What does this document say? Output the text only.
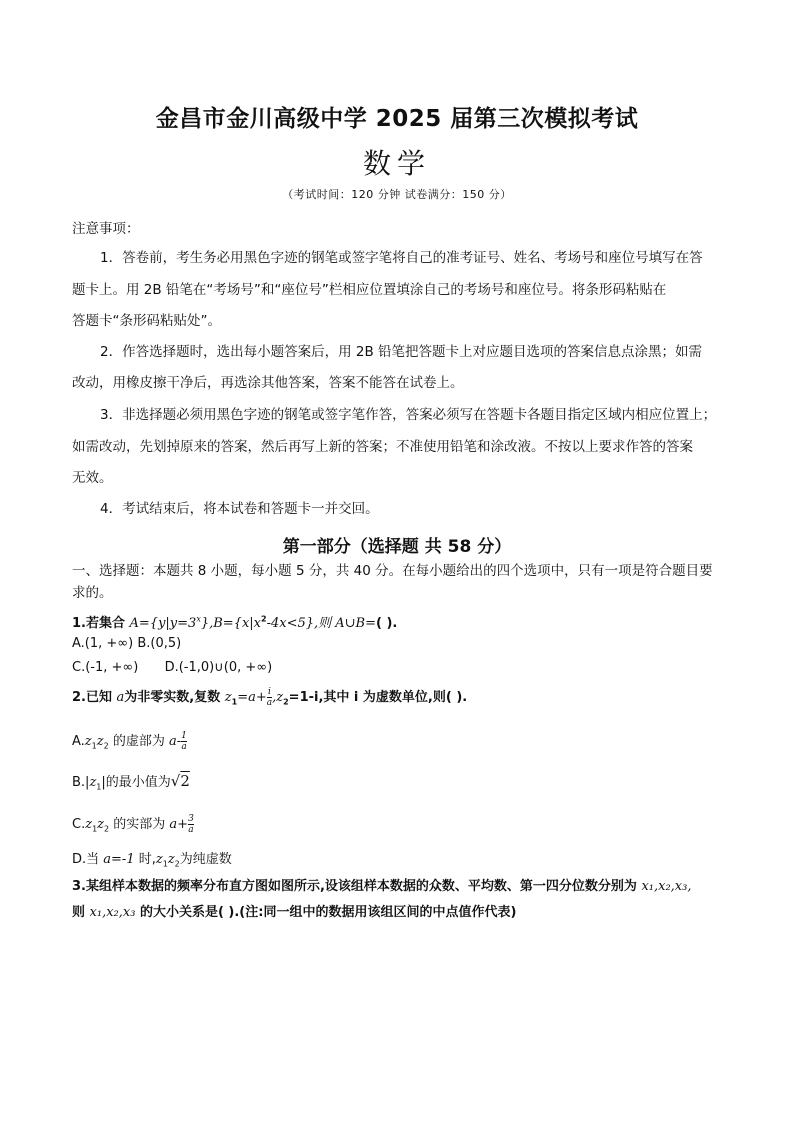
金昌市金川高级中学 2025 届第三次模拟考试
数学
（考试时间：120 分钟 试卷满分：150 分）
注意事项：
1．答卷前，考生务必用黑色字迹的钢笔或签字笔将自己的准考证号、姓名、考场号和座位号填写在答
题卡上。用 2B 铅笔在“考场号”和“座位号”栏相应位置填涂自己的考场号和座位号。将条形码粘贴在
答题卡“条形码粘贴处”。
2．作答选择题时，选出每小题答案后，用 2B 铅笔把答题卡上对应题目选项的答案信息点涂黑；如需
改动，用橡皮擦干净后，再选涂其他答案，答案不能答在试卷上。
3．非选择题必须用黑色字迹的钢笔或签字笔作答，答案必须写在答题卡各题目指定区域内相应位置上；
如需改动，先划掉原来的答案，然后再写上新的答案；不准使用铅笔和涂改液。不按以上要求作答的答案
无效。
4．考试结束后，将本试卷和答题卡一并交回。
第一部分（选择题 共 58 分）
一、选择题：本题共 8 小题，每小题 5 分，共 40 分。在每小题给出的四个选项中，只有一项是符合题目要
求的。
1.若集合 $A=\{y|y=3^x\},B=\{x|x^2-4x<5\}$,则 A∪B=( ).
A.(1, +∞) B.(0,5)
C.(-1, +∞) D.(-1,0)∪(0, +∞)
2.已知 a为非零实数,复数 $z_1=a+ \frac{i}{a} ,z_2=1-i$,其中 i 为虚数单位,则( ).
$A.z_1z_2$ 的虚部为 $a- \frac{1}{a}$
$B.|z_1|$的最小值为√2
$C.z_1z_2$ 的实部为 $a+ \frac{3}{a}$
D.当 a=-1 时$,z_1z_2$为纯虚数
3.某组样本数据的频率分布直方图如图所示,设该组样本数据的众数、平均数、第一四分位数分别为 x₁,x₂,x₃,
则 x₁,x₂,x₃ 的大小关系是( ).(注:同一组中的数据用该组区间的中点值作代表)
